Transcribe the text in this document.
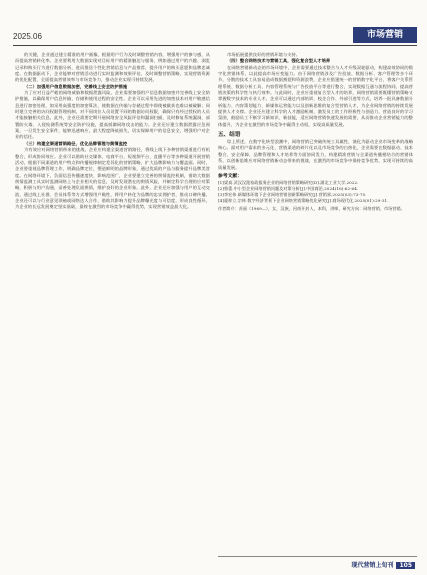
2025.06	市场营销

的关键，企业通过建立精准的用户画像，根据用户行为及时调整营销内容，增强用户的参与感，从而提高营销转化率。企业要利用大数据实现对目标用户的精准触达与服务，例如通过用户的兴趣、浏览记录和购买行为进行数据分析，进而推送个性化营销信息与产品推荐，提升用户的购买意愿和品牌忠诚度。在数据驱动下，企业能够对营销活动进行实时监测和效果评估，及时调整营销策略，实现营销资源的优化配置，全面提高营销效率与市场竞争力，推动企业实现可持续发展。

（二）加强用户信息数据加密，完善线上安全防护措施

为了应对日益严峻的网络威胁和数据泄露风险，企业需要加强用户信息数据加密并完善线上安全防护措施，以确保用户信息传输、存储和使用过程的安全性。企业可以采用先进的加密技术对用户敏感信息进行加密处理，如采用高强度的加密算法，使数据在传输与存储过程中即使被截获也难以被破解；同时建立完善的访问权限管理机制，对不同岗位人员设置不同的数据访问权限，确保只有经过授权的人员才能接触相关信息。此外，企业还需要定期开展网络安全风险评估和漏洞扫描，及时修复系统漏洞，部署防火墙、入侵检测系统等安全防护设施，提高抵御网络攻击的能力。企业还应建立数据泄露应急预案，一旦发生安全事件，能够迅速响应，最大程度降低损失，切实保障用户的信息安全，增强用户对企业的信任。

（三）构建全渠道营销路径，优化品牌管理与舆情监控

为有效应对网络营销带来的挑战，企业应构建全渠道营销路径，将线上线下多种营销渠道进行有机整合，形成协同效应。企业可以借助社交媒体、电商平台、短视频平台、直播平台等多种渠道开展营销活动，根据不同渠道的用户特点和传播规律制定差异化的营销策略，扩大品牌影响力与覆盖面。同时，企业要重视品牌管理工作，明确品牌定位，塑造鲜明的品牌形象，通过优质的产品与服务提升品牌美誉度。在网络环境下，负面信息传播速度快、影响范围广，企业要建立完善的舆情监控机制，借助大数据舆情监测工具实时监测网络上与企业相关的信息，及时发现潜在的舆情风险，并制定科学合理的应对策略，积极与用户沟通，妥善处理负面舆情，维护良好的企业形象。此外，企业还应加强与用户的互动交流，通过线上社群、会员体系等方式增强用户黏性，将用户转化为品牌的忠实拥护者，推动口碑传播。企业还可以与行业意见领袖或网络达人合作，借助其影响力提升品牌曝光度与可信度，形成良性循环，为企业的长远发展奠定坚实基础，最终在激烈的市场竞争中赢得优势，实现营销效益最大化。

市场拓展提供良好的营销环境与支持。

（四）整合网络技术与营销工具，强化复合型人才培养

在网络营销新动态的市场环境中，企业需要通过技术整合与人才升级双轮驱动，构建高效协同的数字化营销体系，以此提高市场应变能力。由于网络营销涉及广告投放、数据分析、客户管理等多个环节，分散的技术工具容易造成数据割裂和资源浪费，企业应搭建统一的营销数字化平台，将客户关系管理系统、数据分析工具、内容管理系统与广告投放平台等进行整合，实现数据互通与流程协同，提高营销决策的科学性与执行效率。与此同时，企业应重视复合型人才的培养，网络营销需要既懂营销策略又掌握数字技术的专业人才。企业可以通过内部培训、校企合作、外部引进等方式，培养一批具备数据分析能力、内容策划能力、新媒体运营能力以及创新思维的复合型营销人才，为企业网络营销的持续发展提供人才支撑。企业还应建立科学的人才激励机制，激发员工的工作积极性与创造力，营造良好的学习氛围，鼓励员工不断学习新知识、新技能，适应网络营销快速发展的需要，从而推动企业营销能力的整体提升，为企业在激烈的市场竞争中赢得主动权，实现高质量发展。

五、结语

综上所述，在数字化转型浪潮中，网络营销已突破传统工具属性，演化为驱动企业市场变革的战略核心。面对用户需求的多元化、营销渠道的碎片化以及市场竞争的白热化，企业需要在数据驱动、技术整合、安全保障、品牌管理和人才培养等方面协同发力，构建精准营销与全渠道传播相结合的营销体系，以创新思维应对网络营销新动态带来的挑战，在激烈的市场竞争中保持竞争优势，实现可持续的高质量发展。

参考文献：

[1]梁真.武汉汉派家政服务企业的网络营销策略研究[D].湖北工业大学,2022.

[2]鲁蕾.中小型企业网络营销问题及对策分析[J].中国商论,2024(16):62-64.

[3]李宏伟.新媒体环境下企业网络营销创新策略研究[J].营销界,2025(03):73-75.

[4]霍梓立,宗林.数字经济背景下企业网络营销策略优化研究[J].商场现代化,2025(01):29-31.

作者简介：苏丽（1969—），女，汉族，河南开封人，本科，讲师，研究方向：网络营销、市场营销。

现代营销上旬刊 105
